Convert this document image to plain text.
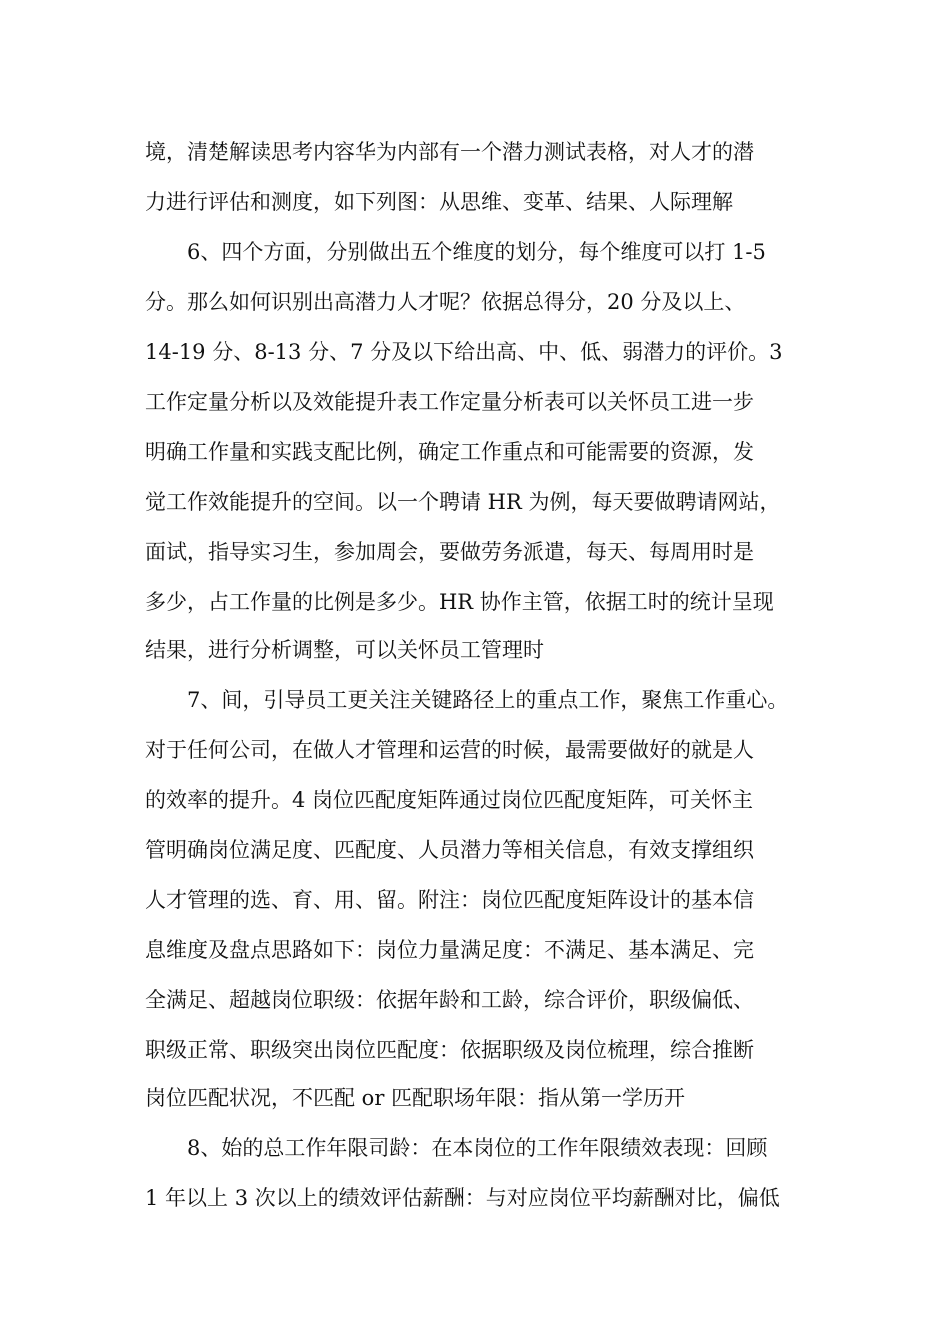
境，清楚解读思考内容华为内部有一个潜力测试表格，对人才的潜
力进行评估和测度，如下列图：从思维、变革、结果、人际理解
6、四个方面，分别做出五个维度的划分，每个维度可以打 1-5
分。那么如何识别出高潜力人才呢？依据总得分，20 分及以上、
14-19 分、8-13 分、7 分及以下给出高、中、低、弱潜力的评价。3
工作定量分析以及效能提升表工作定量分析表可以关怀员工进一步
明确工作量和实践支配比例，确定工作重点和可能需要的资源，发
觉工作效能提升的空间。以一个聘请 HR 为例，每天要做聘请网站，
面试，指导实习生，参加周会，要做劳务派遣，每天、每周用时是
多少，占工作量的比例是多少。HR 协作主管，依据工时的统计呈现
结果，进行分析调整，可以关怀员工管理时
7、间，引导员工更关注关键路径上的重点工作，聚焦工作重心。
对于任何公司，在做人才管理和运营的时候，最需要做好的就是人
的效率的提升。4 岗位匹配度矩阵通过岗位匹配度矩阵，可关怀主
管明确岗位满足度、匹配度、人员潜力等相关信息，有效支撑组织
人才管理的选、育、用、留。附注：岗位匹配度矩阵设计的基本信
息维度及盘点思路如下：岗位力量满足度：不满足、基本满足、完
全满足、超越岗位职级：依据年龄和工龄，综合评价，职级偏低、
职级正常、职级突出岗位匹配度：依据职级及岗位梳理，综合推断
岗位匹配状况，不匹配 or 匹配职场年限：指从第一学历开
8、始的总工作年限司龄：在本岗位的工作年限绩效表现：回顾
1 年以上 3 次以上的绩效评估薪酬：与对应岗位平均薪酬对比，偏低
